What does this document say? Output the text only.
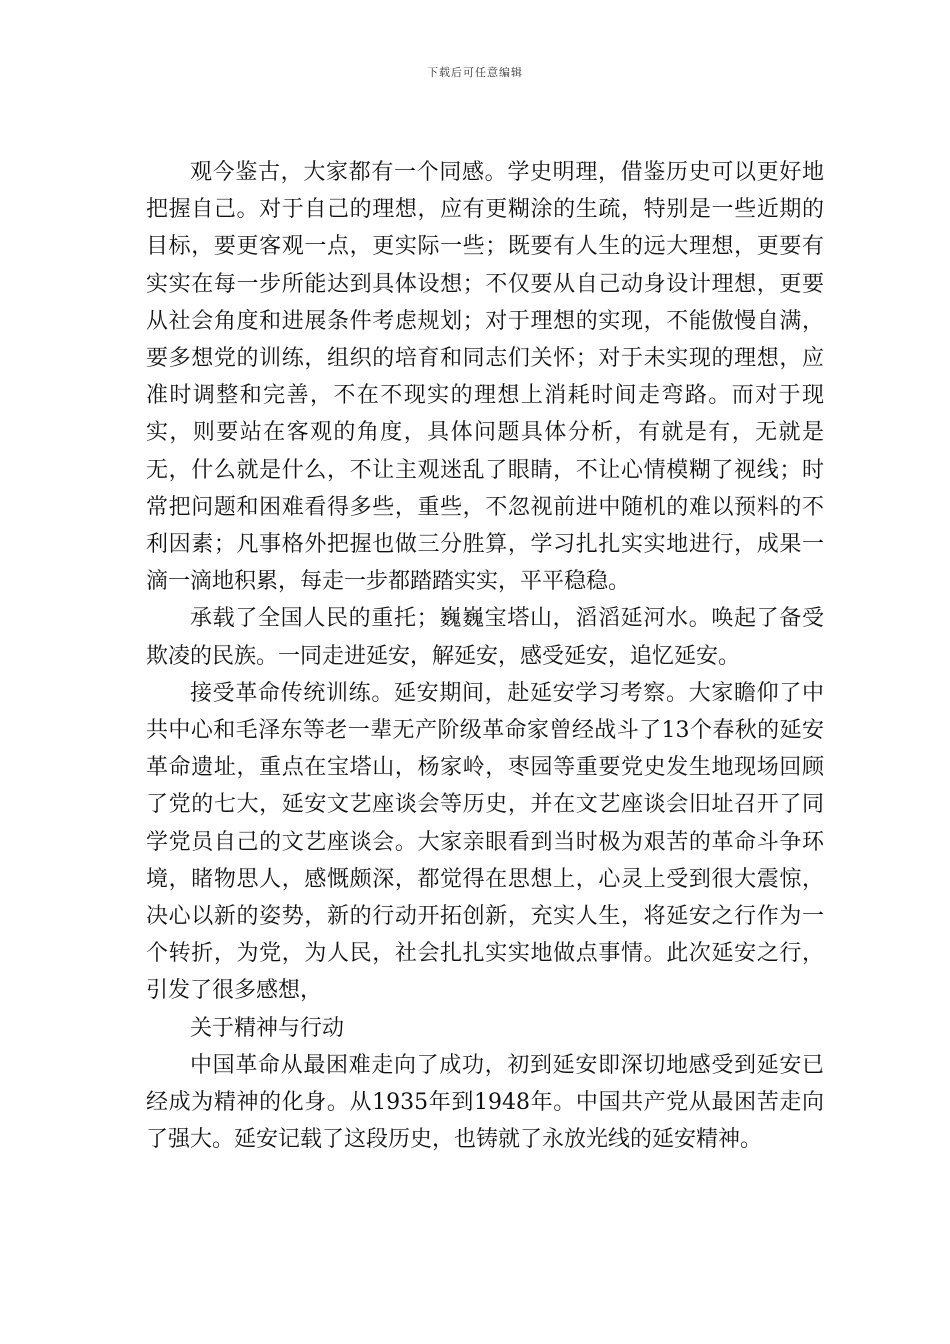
下载后可任意编辑

观今鉴古，大家都有一个同感。学史明理，借鉴历史可以更好地把握自己。对于自己的理想，应有更糊涂的生疏，特别是一些近期的目标，要更客观一点，更实际一些；既要有人生的远大理想，更要有实实在每一步所能达到具体设想；不仅要从自己动身设计理想，更要从社会角度和进展条件考虑规划；对于理想的实现，不能傲慢自满，要多想党的训练，组织的培育和同志们关怀；对于未实现的理想，应准时调整和完善，不在不现实的理想上消耗时间走弯路。而对于现实，则要站在客观的角度，具体问题具体分析，有就是有，无就是无，什么就是什么，不让主观迷乱了眼睛，不让心情模糊了视线；时常把问题和困难看得多些，重些，不忽视前进中随机的难以预料的不利因素；凡事格外把握也做三分胜算，学习扎扎实实地进行，成果一滴一滴地积累，每走一步都踏踏实实，平平稳稳。

承载了全国人民的重托；巍巍宝塔山，滔滔延河水。唤起了备受欺凌的民族。一同走进延安，解延安，感受延安，追忆延安。

接受革命传统训练。延安期间，赴延安学习考察。大家瞻仰了中共中心和毛泽东等老一辈无产阶级革命家曾经战斗了13个春秋的延安革命遗址，重点在宝塔山，杨家岭，枣园等重要党史发生地现场回顾了党的七大，延安文艺座谈会等历史，并在文艺座谈会旧址召开了同学党员自己的文艺座谈会。大家亲眼看到当时极为艰苦的革命斗争环境，睹物思人，感慨颇深，都觉得在思想上，心灵上受到很大震惊，决心以新的姿势，新的行动开拓创新，充实人生，将延安之行作为一个转折，为党，为人民，社会扎扎实实地做点事情。此次延安之行，引发了很多感想，

关于精神与行动

中国革命从最困难走向了成功，初到延安即深切地感受到延安已经成为精神的化身。从1935年到1948年。中国共产党从最困苦走向了强大。延安记载了这段历史，也铸就了永放光线的延安精神。
